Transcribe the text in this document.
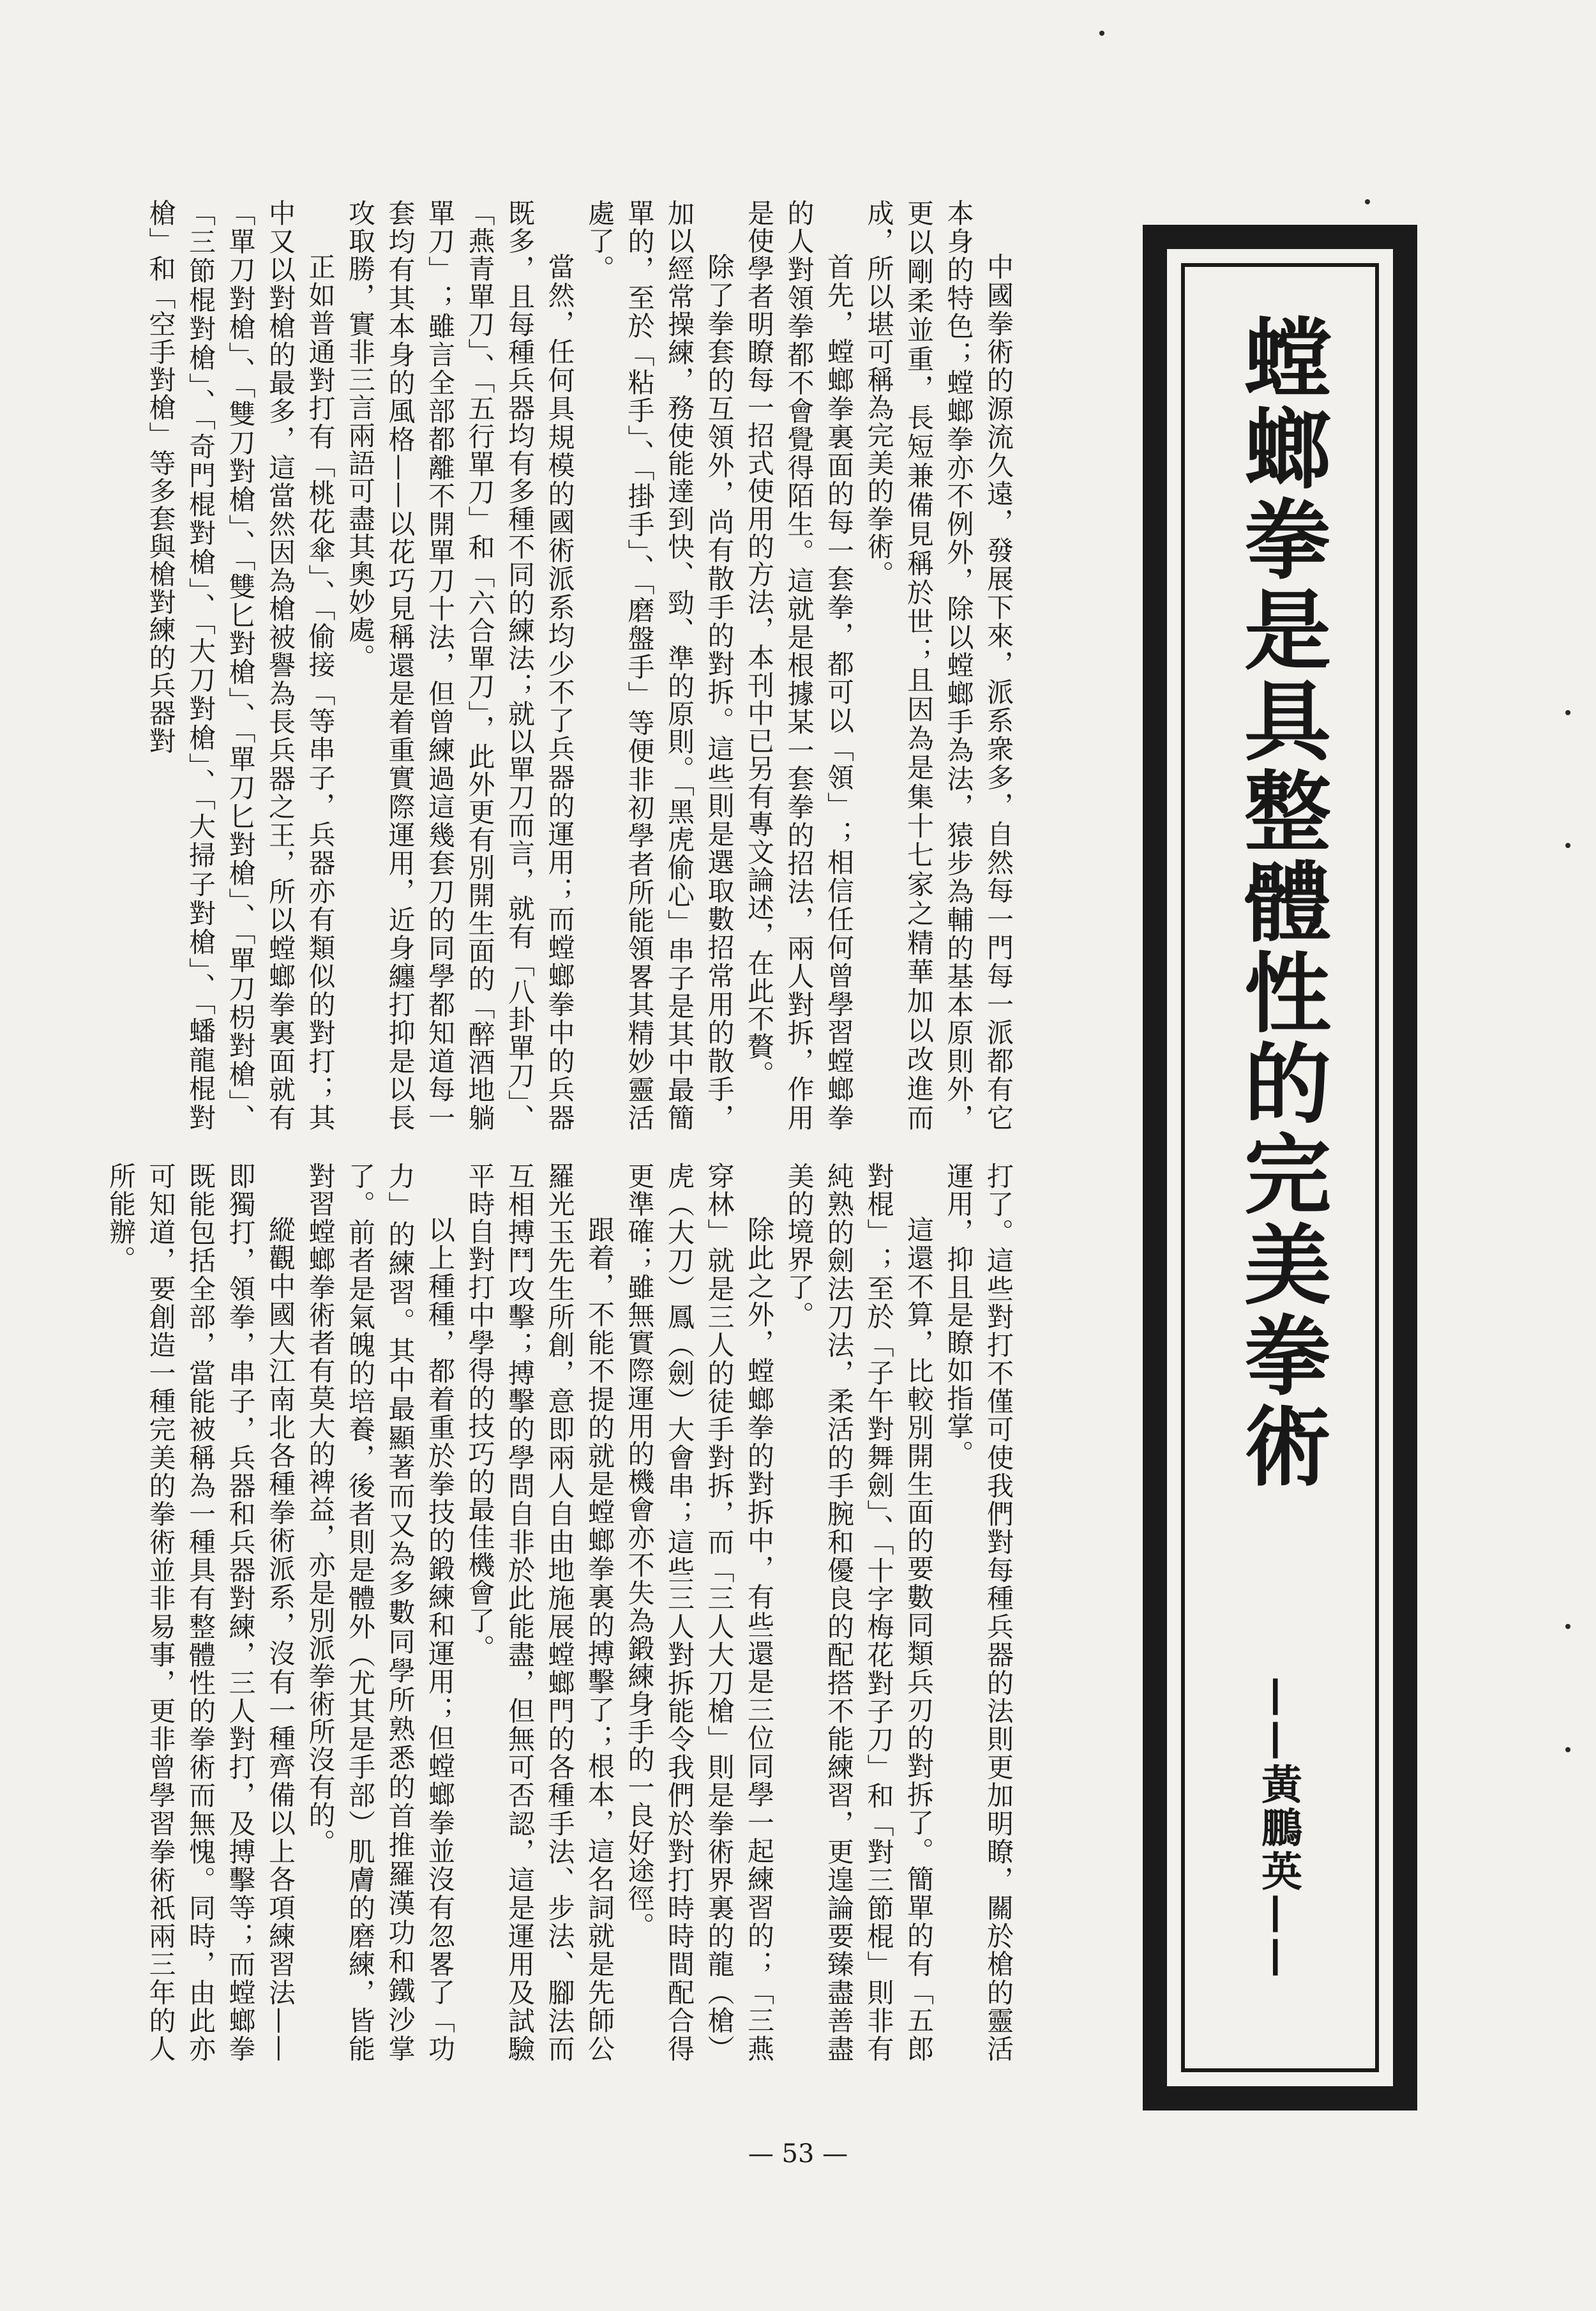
螳螂拳是具整體性的完美拳術
——黃鵬英——

中國拳術的源流久遠，發展下來，派系衆多，自然每一門每一派都有它本身的特色；螳螂拳亦不例外，除以螳螂手為法，猿步為輔的基本原則外，更以剛柔並重，長短兼備見稱於世；且因為是集十七家之精華加以改進而成，所以堪可稱為完美的拳術。

首先，螳螂拳裏面的每一套拳，都可以「領」；相信任何曾學習螳螂拳的人對領拳都不會覺得陌生。這就是根據某一套拳的招法，兩人對拆，作用是使學者明瞭每一招式使用的方法，本刊中已另有專文論述，在此不贅。

除了拳套的互領外，尚有散手的對拆。這些則是選取數招常用的散手，加以經常操練，務使能達到快、勁、準的原則。「黑虎偷心」串子是其中最簡單的，至於「粘手」、「掛手」、「磨盤手」等便非初學者所能領畧其精妙靈活處了。

當然，任何具規模的國術派系均少不了兵器的運用；而螳螂拳中的兵器既多，且每種兵器均有多種不同的練法；就以單刀而言，就有「八卦單刀」、「燕青單刀」、「五行單刀」和「六合單刀」，此外更有別開生面的「醉酒地躺單刀」；雖言全部都離不開單刀十法，但曾練過這幾套刀的同學都知道每一套均有其本身的風格——以花巧見稱還是着重實際運用，近身纏打抑是以長攻取勝，實非三言兩語可盡其奧妙處。

正如普通對打有「桃花傘」、「偷接「等串子，兵器亦有類似的對打；其中又以對槍的最多，這當然因為槍被譽為長兵器之王，所以螳螂拳裏面就有「單刀對槍」、「雙刀對槍」、「雙匕對槍」、「單刀匕對槍」、「單刀枴對槍」、「三節棍對槍」、「奇門棍對槍」、「大刀對槍」、「大掃子對槍」、「蟠龍棍對槍」和「空手對槍」等多套與槍對練的兵器對

打了。這些對打不僅可使我們對每種兵器的法則更加明瞭，關於槍的靈活運用，抑且是瞭如指掌。

這還不算，比較別開生面的要數同類兵刃的對拆了。簡單的有「五郎對棍」；至於「子午對舞劍」、「十字梅花對子刀」和「對三節棍」則非有純熟的劍法刀法，柔活的手腕和優良的配搭不能練習，更遑論要臻盡善盡美的境界了。

除此之外，螳螂拳的對拆中，有些還是三位同學一起練習的；「三燕穿林」就是三人的徒手對拆，而「三人大刀槍」則是拳術界裏的龍（槍）虎（大刀）鳳（劍）大會串；這些三人對拆能令我們於對打時時間配合得更準確；雖無實際運用的機會亦不失為鍛練身手的一良好途徑。

跟着，不能不提的就是螳螂拳裏的搏擊了；根本，這名詞就是先師公羅光玉先生所創，意即兩人自由地施展螳螂門的各種手法、步法、腳法而互相搏鬥攻擊；搏擊的學問自非於此能盡，但無可否認，這是運用及試驗平時自對打中學得的技巧的最佳機會了。

以上種種，都着重於拳技的鍛練和運用；但螳螂拳並沒有忽畧了「功力」的練習。其中最顯著而又為多數同學所熟悉的首推羅漢功和鐵沙掌了。前者是氣魄的培養，後者則是體外（尤其是手部）肌膚的磨練，皆能對習螳螂拳術者有莫大的裨益，亦是別派拳術所沒有的。

縱觀中國大江南北各種拳術派系，沒有一種齊備以上各項練習法——即獨打，領拳，串子，兵器和兵器對練，三人對打，及搏擊等；而螳螂拳既能包括全部，當能被稱為一種具有整體性的拳術而無愧。同時，由此亦可知道，要創造一種完美的拳術並非易事，更非曾學習拳術祇兩三年的人所能辦。

— 53 —
